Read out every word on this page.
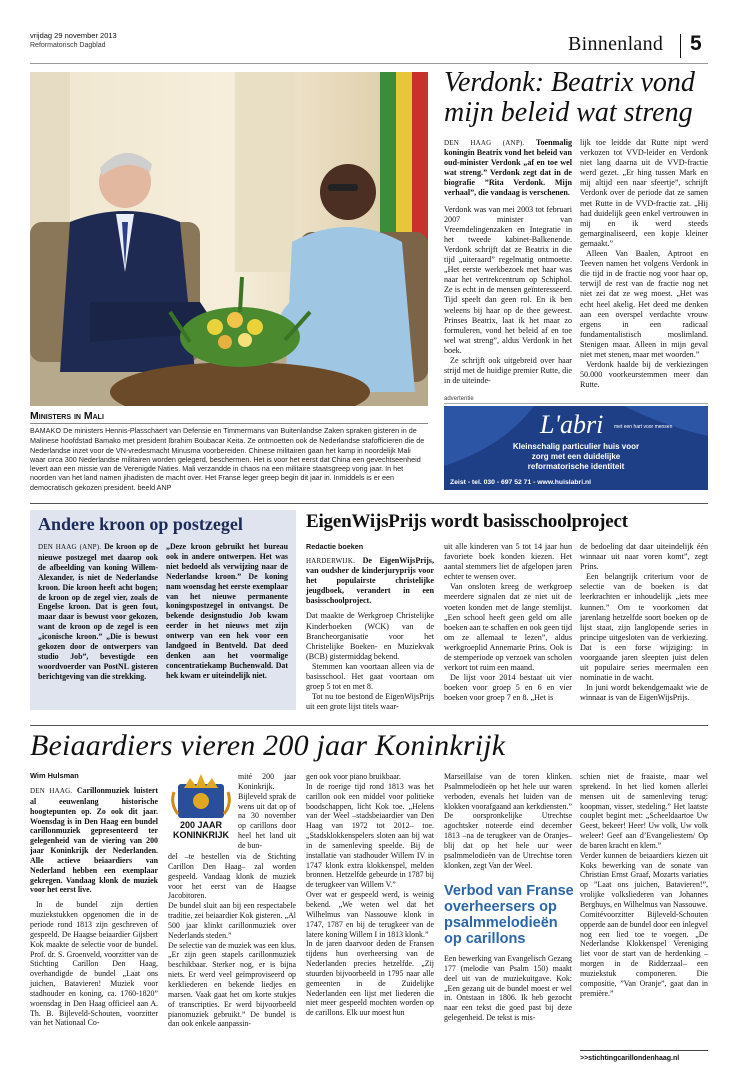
vrijdag 29 november 2013
Reformatorisch Dagblad	Binnenland 5
Ministers in Mali
BAMAKO De ministers Hennis-Plasschaert van Defensie en Timmermans van Buitenlandse Zaken spraken gisteren in de Malinese hoofdstad Bamako met president Ibrahim Boubacar Keita. Ze ontmoetten ook de Nederlandse stafofficieren die de Nederlandse inzet voor de VN-vredesmacht Minusma voorbereiden. Chinese militairen gaan het kamp in noordelijk Mali waar circa 300 Nederlandse militairen worden gelegerd, beschermen. Het is voor het eerst dat China een gevechtseenheid levert aan een missie van de Verenigde Naties. Mali verzandde in chaos na een militaire staatsgreep vorig jaar. In het noorden van het land namen jihadisten de macht over. Het Franse leger greep begin dit jaar in. Inmiddels is er een democratisch gekozen president. beeld ANP
Verdonk: Beatrix vond mijn beleid wat streng

DEN HAAG (ANP). Toenmalig koningin Beatrix vond het beleid van oud-minister Verdonk „af en toe wel wat streng.” Verdonk zegt dat in de biografie ”Rita Verdonk. Mijn verhaal”, die vandaag is verschenen.

Verdonk was van mei 2003 tot februari 2007 minister van Vreemdelingenzaken en Integratie in het tweede kabinet-Balkenende. Verdonk schrijft dat ze Beatrix in die tijd „uiteraard” regelmatig ontmoette. „Het eerste werkbezoek met haar was naar het vertrekcentrum op Schiphol. Ze is echt in de mensen geïnteresseerd. Tijd speelt dan geen rol. En ik ben weleens bij haar op de thee geweest. Prinses Beatrix, laat ik het maar zo formuleren, vond het beleid af en toe wel wat streng”, aldus Verdonk in het boek.

Ze schrijft ook uitgebreid over haar strijd met de huidige premier Rutte, die in de uiteinde-

lijk toe leidde dat Rutte nipt werd verkozen tot VVD-leider en Verdonk niet lang daarna uit de VVD-fractie werd gezet. „Er hing tussen Mark en mij altijd een naar sfeertje”, schrijft Verdonk over de periode dat ze samen met Rutte in de VVD-fractie zat. „Hij had duidelijk geen enkel vertrouwen in mij en ik werd steeds gemarginaliseerd, een kopje kleiner gemaakt.”

Alleen Van Baalen, Aptroot en Teeven namen het volgens Verdonk in die tijd in de fractie nog voor haar op, terwijl de rest van de fractie nog net niet zei dat ze weg moest. „Het was echt heel akelig. Het deed me denken aan een overspel verdachte vrouw ergens in een radicaal fundamentalistisch moslimland. Stenigen maar. Alleen in mijn geval niet met stenen, maar met woorden.”

Verdonk haalde bij de verkiezingen 50.000 voorkeurstemmen meer dan Rutte.

advertentie
L'abri met een hart voor mensen
Kleinschalig particulier huis voor
zorg met een duidelijke
reformatorische identiteit
Zeist - tel. 030 - 697 52 71 - www.huislabri.nl
Andere kroon op postzegel
DEN HAAG (ANP). De kroon op de nieuwe postzegel met daarop ook de afbeelding van koning Willem-Alexander, is niet de Nederlandse kroon. Die kroon heeft acht bogen; de kroon op de zegel vier, zoals de Engelse kroon. Dat is geen fout, maar daar is bewust voor gekozen, want de kroon op de zegel is een „iconische kroon.” „Die is bewust gekozen door de ontwerpers van studio Job”, bevestigde een woordvoerder van PostNL gisteren berichtgeving van die strekking.
„Deze kroon gebruikt het bureau ook in andere ontwerpen. Het was niet bedoeld als verwijzing naar de Nederlandse kroon.” De koning nam woensdag het eerste exemplaar van het nieuwe permanente koningspostzegel in ontvangst. De bekende designstudio Job kwam eerder in het nieuws met zijn ontwerp van een hek voor een landgoed in Bentveld. Dat deed denken aan het voormalige concentratiekamp Buchenwald. Dat hek kwam er uiteindelijk niet.
EigenWijsPrijs wordt basisschoolproject
Redactie boeken

HARDERWIJK. De EigenWijsPrijs, van oudsher de kinderjuryprijs voor het populairste christelijke jeugdboek, verandert in een basisschoolproject.

Dat maakte de Werkgroep Christelijke Kinderboeken (WCK) van de Brancheorganisatie voor het Christelijke Boeken- en Muziekvak (BCB) gistermiddag bekend.

Stemmen kan voortaan alleen via de basisschool. Het gaat voortaan om groep 5 tot en met 8.

Tot nu toe bestond de EigenWijsPrijs uit een grote lijst titels waar-

uit alle kinderen van 5 tot 14 jaar hun favoriete boek konden kiezen. Het aantal stemmers liet de afgelopen jaren echter te wensen over.

Van onsloten kreeg de werkgroep meerdere signalen dat ze niet uit de voeten konden met de lange stemlijst. „Een school heeft geen geld om alle boeken aan te schaffen en ook geen tijd om ze allemaal te lezen”, aldus werkgroeplid Annemarie Prins. Ook is de stemperiode op verzoek van scholen verkort tot ruim een maand.

De lijst voor 2014 bestaat uit vier boeken voor groep 5 en 6 en vier boeken voor groep 7 en 8. „Het is

de bedoeling dat daar uiteindelijk één winnaar uit naar voren komt”, zegt Prins.

Een belangrijk criterium voor de selectie van de boeken is dat leerkrachten er inhoudelijk „iets mee kunnen.” Om te voorkomen dat jarenlang hetzelfde soort boeken op de lijst staat, zijn langlopende series in principe uitgesloten van de verkiezing. Dat is een forse wijziging: in voorgaande jaren sleepten juist delen uit populaire series meermalen een nominatie in de wacht.

In juni wordt bekendgemaakt wie de winnaar is van de EigenWijsPrijs.

Beiaardiers vieren 200 jaar Koninkrijk
Wim Hulsman

DEN HAAG. Carillonmuziek luistert al eeuwenlang historische hoogtepunten op. Zo ook dit jaar. Woensdag is in Den Haag een bundel carillonmuziek gepresenteerd ter gelegenheid van de viering van 200 jaar Koninkrijk der Nederlanden. Alle actieve beiaardiers van Nederland hebben een exemplaar gekregen. Vandaag klonk de muziek voor het eerst live.

In de bundel zijn dertien muziekstukken opgenomen die in de periode rond 1813 zijn geschreven of gespeeld. De Haagse beiaardier Gijsbert Kok maakte de selectie voor de bundel. Prof. dr. S. Groenveld, voorzitter van de Stichting Carillon Den Haag, overhandigde de bundel „Laat ons juichen, Batavieren! Muziek voor stadhouder en koning, ca. 1760-1820” woensdag in Den Haag officieel aan A. Th. B. Bijleveld-Schouten, voorzitter van het Nationaal Co-

200 JAAR
KONINKRIJK
mité 200 jaar Koninkrijk. Bijleveld sprak de wens uit dat op of na 30 november op carillons door heel het land uit de bun-
del –te bestellen via de Stichting Carillon Den Haag– zal worden gespeeld. Vandaag klonk de muziek voor het eerst van de Haagse Jacobitoren.
De bundel sluit aan bij een respectabele traditie, zei beiaardier Kok gisteren. „Al 500 jaar klinkt carillonmuziek over Nederlands steden.”
De selectie van de muziek was een klus. „Er zijn geen stapels carillonmuziek beschikbaar. Sterker nog, er is bijna niets. Er werd veel geïmproviseerd op kerkliederen en bekende liedjes en marsen. Vaak gaat het om korte stukjes of transcripties. Er werd bijvoorbeeld pianomuziek gebruikt.” De bundel is dan ook enkele aanpassin-
gen ook voor piano bruikbaar.
In de roerige tijd rond 1813 was het carillon ook een middel voor politieke boodschappen, licht Kok toe. „Helens van der Weel –stadsbeiaardier van Den Haag van 1972 tot 2012– toe. „Stadsklokkenspelers sloten aan bij wat in de samenleving speelde. Bij de installatie van stadhouder Willem IV in 1747 klonk extra klokkenspel, melden bronnen. Hetzelfde gebeurde in 1787 bij de terugkeer van Willem V.”
Over wat er gespeeld werd, is weinig bekend. „We weten wel dat het Wilhelmus van Nassouwe klonk in 1747, 1787 en bij de terugkeer van de latere koning Willem I in 1813 klonk.”
In de jaren daarvoor deden de Fransen tijdens hun overheersing van de Nederlanden precies hetzelfde. „Zij stuurden bijvoorbeeld in 1795 naar alle gemeenten in de Zuidelijke Nederlanden een lijst met liederen die niet meer gespeeld mochten worden op de carillons. Elk uur moest hun
Marseillaise van de toren klinken. Psalmmelodieën op het hele uur waren verboden, evenals het luiden van de klokken voorafgaand aan kerkdiensten.” De oorspronkelijke Utrechtse agochtsker noteerde eind december 1813 –na de terugkeer van de Oranjes– blij dat op het hele uur weer psalmmelodieën van de Utrechtse toren klonken, zegt Van der Weel.
Verbod van Franse overheersers op psalmmelodieën op carillons
Een bewerking van Evangelisch Gezang 177 (melodie van Psalm 150) maakt deel uit van de muziekuitgave. Kok: „Een gezang uit de bundel moest er wel in. Ontstaan in 1806. Ik heb gezocht naar een tekst die goed past bij deze gelegenheid. De tekst is mis-
schien niet de fraaiste, maar wel sprekend. In het lied komen allerlei mensen uit de samenleving terug: koopman, visser, stedeling.” Het laatste couplet begint met: „Scheeldaartoe Uw Geest, bekeer! Heer! Uw volk, Uw volk weleer! Geef aan d’Evangeliestem/ Op de baren kracht en klem.”
Verder kunnen de beiaardiers kiezen uit Koks bewerking van de sonate van Christian Ernst Graaf, Mozarts variaties op ”Laat ons juichen, Batavieren!”, vrolijke volksliederen van Johannes Berghuys, en Wilhelmus van Nassouwe.
Comitévoorzitter Bijleveld-Schouten opperde aan de bundel door een inlegvel nog een lied toe te voegen. „De Nederlandse Klokkenspel Vereniging liet voor de start van de herdenking –morgen in de Ridderzaal– een muziekstuk componeren. Die compositie, ”Van Oranje”, gaat dan in première.”
>>stichtingcarillondenhaag.nl
